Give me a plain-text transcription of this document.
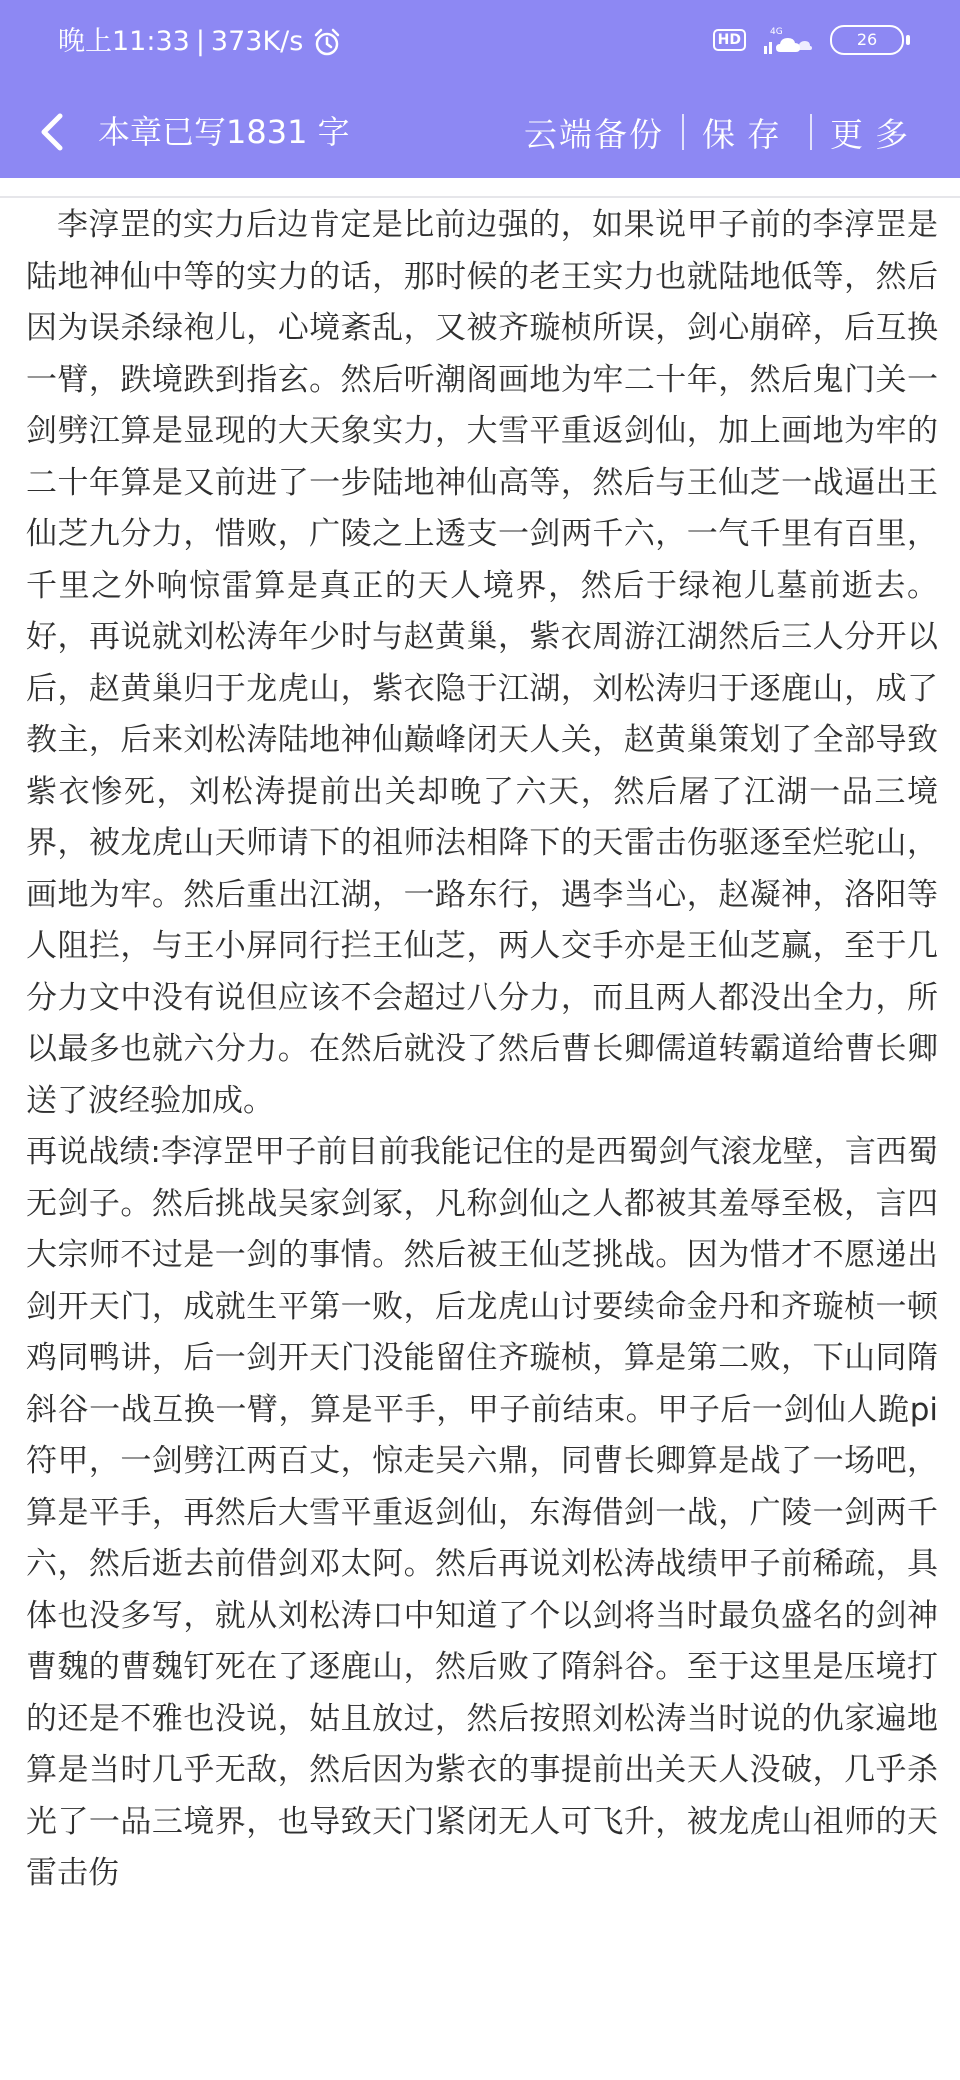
晚上11:33 | 373K/s	HD	4G	26
本章已写1831 字	云端备份	保存	更多

李淳罡的实力后边肯定是比前边强的，如果说甲子前的李淳罡是陆地神仙中等的实力的话，那时候的老王实力也就陆地低等，然后因为误杀绿袍儿，心境紊乱，又被齐璇桢所误，剑心崩碎，后互换一臂，跌境跌到指玄。然后听潮阁画地为牢二十年，然后鬼门关一剑劈江算是显现的大天象实力，大雪平重返剑仙，加上画地为牢的二十年算是又前进了一步陆地神仙高等，然后与王仙芝一战逼出王仙芝九分力，惜败，广陵之上透支一剑两千六，一气千里有百里，千里之外响惊雷算是真正的天人境界，然后于绿袍儿墓前逝去。好，再说就刘松涛年少时与赵黄巢，紫衣周游江湖然后三人分开以后，赵黄巢归于龙虎山，紫衣隐于江湖，刘松涛归于逐鹿山，成了教主，后来刘松涛陆地神仙巅峰闭天人关，赵黄巢策划了全部导致紫衣惨死，刘松涛提前出关却晚了六天，然后屠了江湖一品三境界，被龙虎山天师请下的祖师法相降下的天雷击伤驱逐至烂驼山，画地为牢。然后重出江湖，一路东行，遇李当心，赵凝神，洛阳等人阻拦，与王小屏同行拦王仙芝，两人交手亦是王仙芝赢，至于几分力文中没有说但应该不会超过八分力，而且两人都没出全力，所以最多也就六分力。在然后就没了然后曹长卿儒道转霸道给曹长卿送了波经验加成。

再说战绩:李淳罡甲子前目前我能记住的是西蜀剑气滚龙壁，言西蜀无剑子。然后挑战吴家剑冢，凡称剑仙之人都被其羞辱至极，言四大宗师不过是一剑的事情。然后被王仙芝挑战。因为惜才不愿递出剑开天门，成就生平第一败，后龙虎山讨要续命金丹和齐璇桢一顿鸡同鸭讲，后一剑开天门没能留住齐璇桢，算是第二败，下山同隋斜谷一战互换一臂，算是平手，甲子前结束。甲子后一剑仙人跪pi符甲，一剑劈江两百丈，惊走吴六鼎，同曹长卿算是战了一场吧，算是平手，再然后大雪平重返剑仙，东海借剑一战，广陵一剑两千六，然后逝去前借剑邓太阿。然后再说刘松涛战绩甲子前稀疏，具体也没多写，就从刘松涛口中知道了个以剑将当时最负盛名的剑神曹魏的曹魏钉死在了逐鹿山，然后败了隋斜谷。至于这里是压境打的还是不雅也没说，姑且放过，然后按照刘松涛当时说的仇家遍地算是当时几乎无敌，然后因为紫衣的事提前出关天人没破，几乎杀光了一品三境界，也导致天门紧闭无人可飞升，被龙虎山祖师的天雷击伤
